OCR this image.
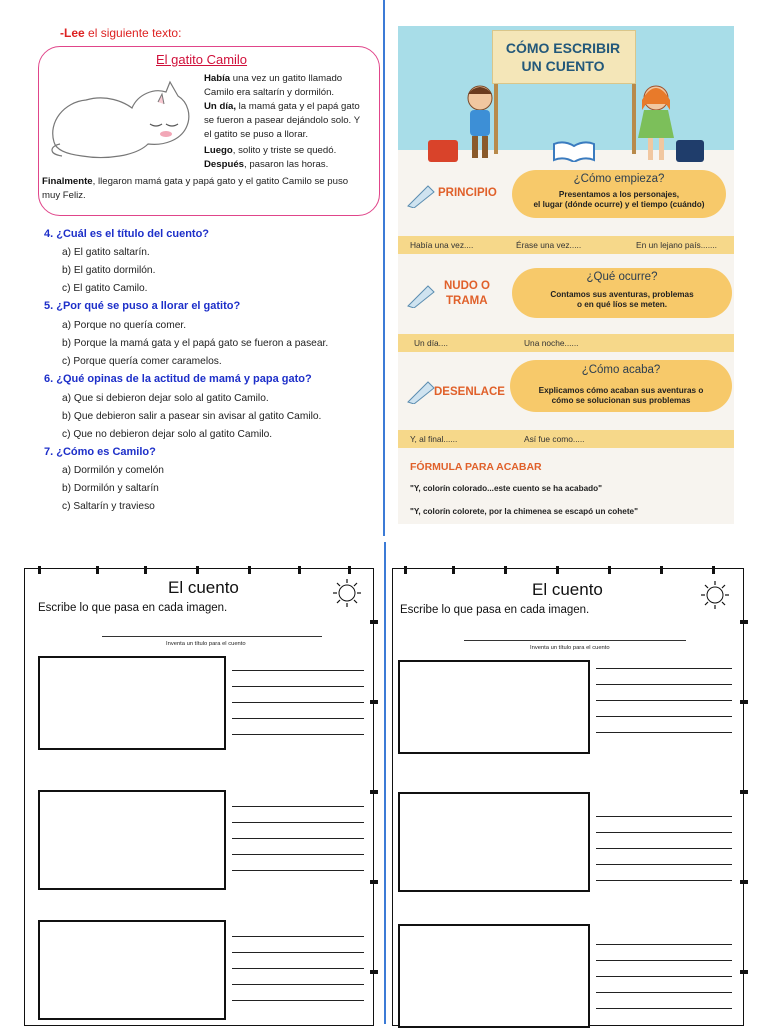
-Lee el siguiente texto:
El gatito Camilo
Había una vez un gatito llamado
Camilo era saltarín y dormilón.
Un día, la mamá gata y el papá gato
se fueron a pasear dejándolo solo. Y
el gatito se puso a llorar.
Luego, solito y triste se quedó.
Después, pasaron las horas.
Finalmente, llegaron mamá gata y papá gato y el gatito Camilo se puso
muy Feliz.
4. ¿Cuál es el título del cuento?
a) El gatito saltarín.
b) El gatito dormilón.
c) El gatito Camilo.
5. ¿Por qué se puso a llorar el gatito?
a) Porque no quería comer.
b) Porque la mamá gata y el papá gato se fueron a pasear.
c) Porque quería comer caramelos.
6. ¿Qué opinas de la actitud de mamá y papa gato?
a) Que si debieron dejar solo al gatito Camilo.
b) Que debieron salir a pasear sin avisar al gatito Camilo.
c) Que no debieron dejar solo al gatito Camilo.
7. ¿Cómo es Camilo?
a) Dormilón y comelón
b) Dormilón y saltarín
c) Saltarín y travieso
CÓMO ESCRIBIR
UN CUENTO
PRINCIPIO
¿Cómo empieza?
Presentamos a los personajes,
el lugar (dónde ocurre) y el tiempo (cuándo)
Había una vez....	Érase una vez.....	En un lejano país.......
NUDO O
TRAMA
¿Qué ocurre?
Contamos sus aventuras, problemas
o en qué líos se meten.
Un día....	Una noche......
DESENLACE
¿Cómo acaba?
Explicamos cómo acaban sus aventuras o
cómo se solucionan sus problemas
Y, al final......	Así fue como.....
FÓRMULA PARA ACABAR
"Y, colorín colorado...este cuento se ha acabado"
"Y, colorín colorete, por la chimenea se escapó un cohete"
El cuento
Escribe lo que pasa en cada imagen.
Inventa un título para el cuento
El cuento
Escribe lo que pasa en cada imagen.
Inventa un título para el cuento
